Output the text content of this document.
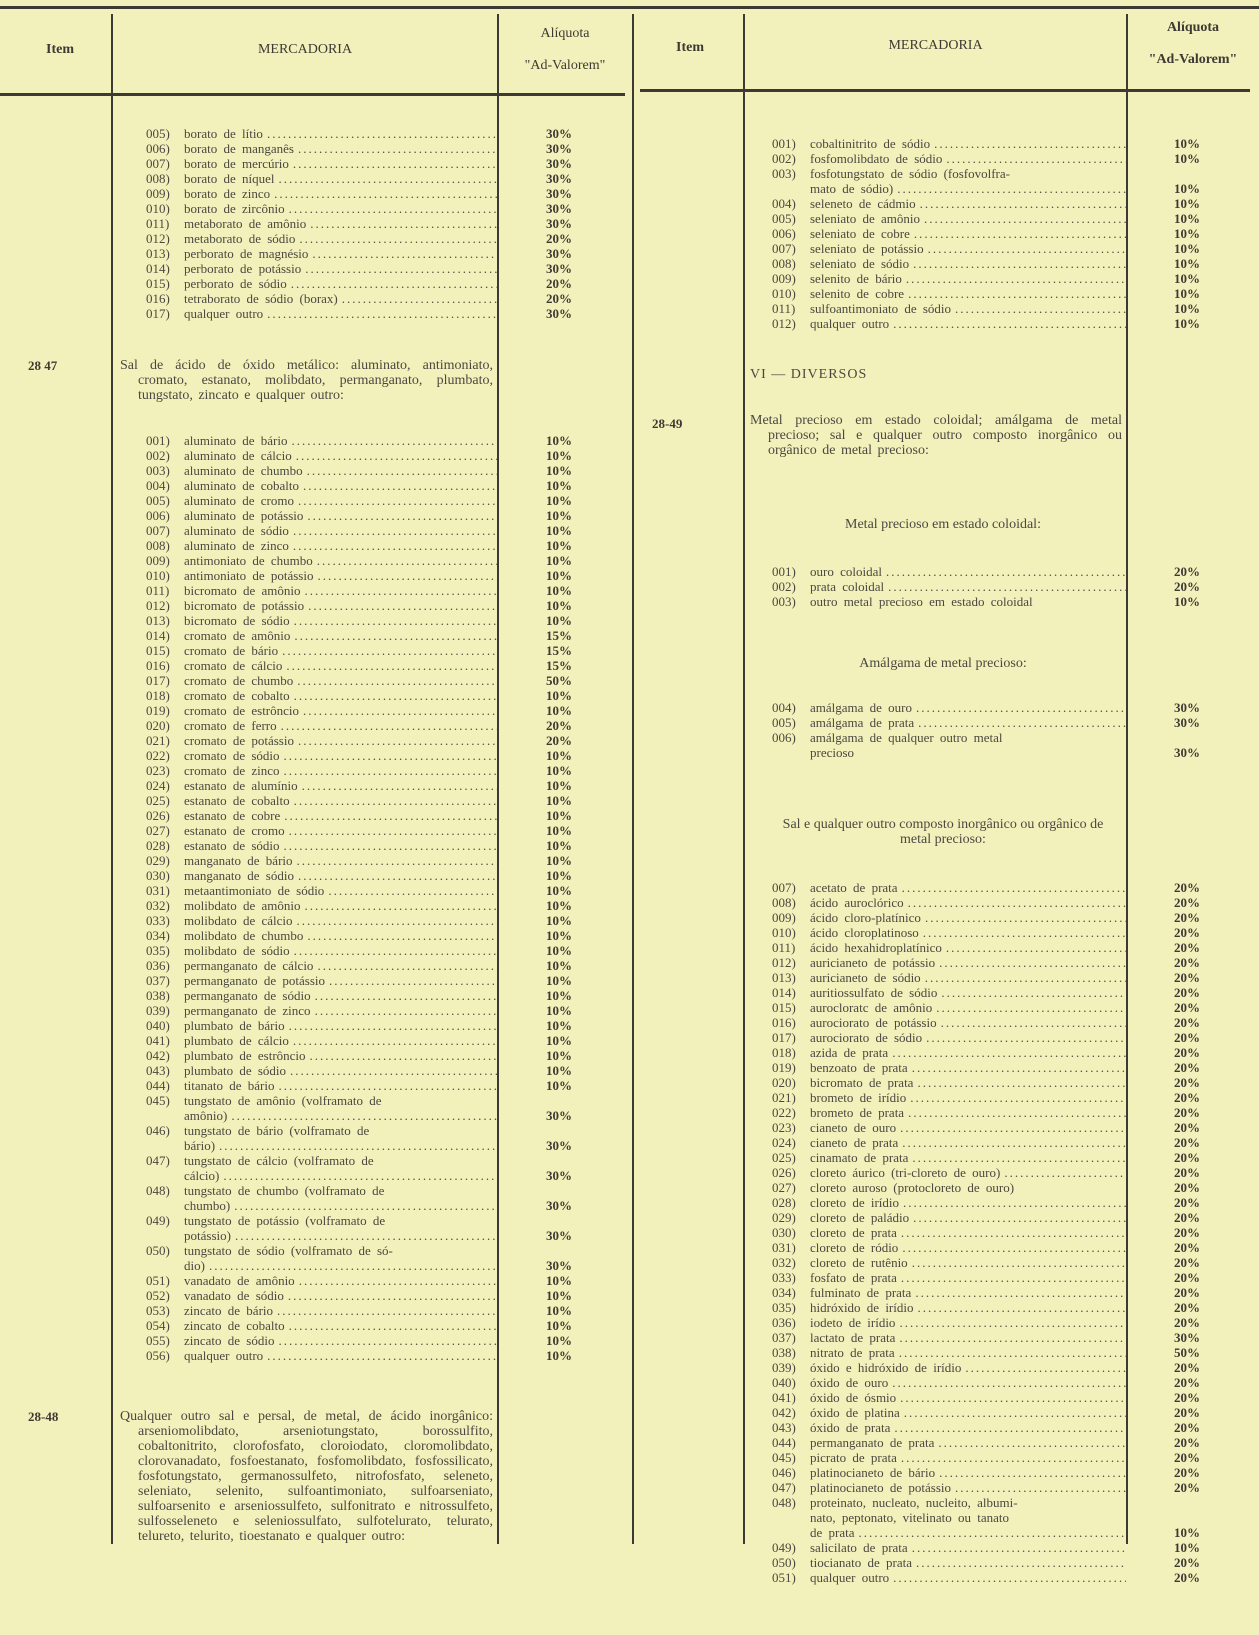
Item	MERCADORIA
Alíquota
"Ad-Valorem"
Item	MERCADORIA
Alíquota
"Ad-Valorem"
005)	borato de lítio .....	30%
006)	borato de manganês .....	30%
007)	borato de mercúrio .....	30%
008)	borato de níquel .....	30%
009)	borato de zinco .....	30%
010)	borato de zircônio .....	30%
011)	metaborato de amônio .....	30%
012)	metaborato de sódio .....	20%
013)	perborato de magnésio .....	30%
014)	perborato de potássio .....	30%
015)	perborato de sódio .....	20%
016)	tetraborato de sódio (borax) .....	20%
017)	qualquer outro .....	30%
28 47	Sal de ácido de óxido metálico: aluminato, antimoniato, cromato, estanato, molibdato, permanganato, plumbato, tungstato, zincato e qualquer outro:
001)	aluminato de bário .....	10%
002)	aluminato de cálcio .....	10%
003)	aluminato de chumbo .....	10%
004)	aluminato de cobalto .....	10%
005)	aluminato de cromo .....	10%
006)	aluminato de potássio .....	10%
007)	aluminato de sódio .....	10%
008)	aluminato de zinco .....	10%
009)	antimoniato de chumbo .....	10%
010)	antimoniato de potássio .....	10%
011)	bicromato de amônio .....	10%
012)	bicromato de potássio .....	10%
013)	bicromato de sódio .....	10%
014)	cromato de amônio .....	15%
015)	cromato de bário .....	15%
016)	cromato de cálcio .....	15%
017)	cromato de chumbo .....	50%
018)	cromato de cobalto .....	10%
019)	cromato de estrôncio .....	10%
020)	cromato de ferro .....	20%
021)	cromato de potássio .....	20%
022)	cromato de sódio .....	10%
023)	cromato de zinco .....	10%
024)	estanato de alumínio .....	10%
025)	estanato de cobalto .....	10%
026)	estanato de cobre .....	10%
027)	estanato de cromo .....	10%
028)	estanato de sódio .....	10%
029)	manganato de bário .....	10%
030)	manganato de sódio .....	10%
031)	metaantimoniato de sódio .....	10%
032)	molibdato de amônio .....	10%
033)	molibdato de cálcio .....	10%
034)	molibdato de chumbo .....	10%
035)	molibdato de sódio .....	10%
036)	permanganato de cálcio .....	10%
037)	permanganato de potássio .....	10%
038)	permanganato de sódio .....	10%
039)	permanganato de zinco .....	10%
040)	plumbato de bário .....	10%
041)	plumbato de cálcio .....	10%
042)	plumbato de estrôncio .....	10%
043)	plumbato de sódio .....	10%
044)	titanato de bário .....	10%
045)	tungstato de amônio (volframato de
amônio) .....	30%
046)	tungstato de bário (volframato de
bário) .....	30%
047)	tungstato de cálcio (volframato de
cálcio) .....	30%
048)	tungstato de chumbo (volframato de
chumbo) .....	30%
049)	tungstato de potássio (volframato de
potássio) .....	30%
050)	tungstato de sódio (volframato de só-
dio) .....	30%
051)	vanadato de amônio .....	10%
052)	vanadato de sódio .....	10%
053)	zincato de bário .....	10%
054)	zincato de cobalto .....	10%
055)	zincato de sódio .....	10%
056)	qualquer outro .....	10%
28-48	Qualquer outro sal e persal, de metal, de ácido inorgânico: arseniomolibdato, arseniotungstato, borossulfito, cobaltonitrito, clorofosfato, cloroiodato, cloromolibdato, clorovanadato, fosfoestanato, fosfomolibdato, fosfossilicato, fosfotungstato, germanossulfeto, nitrofosfato, seleneto, seleniato, selenito, sulfoantimoniato, sulfoarseniato, sulfoarsenito e arseniossulfeto, sulfonitrato e nitrossulfeto, sulfosseleneto e seleniossulfato, sulfotelurato, telurato, telureto, telurito, tioestanato e qualquer outro:
001)	cobaltinitrito de sódio .....	10%
002)	fosfomolibdato de sódio .....	10%
003)	fosfotungstato de sódio (fosfovolfra-
mato de sódio) .....	10%
004)	seleneto de cádmio .....	10%
005)	seleniato de amônio .....	10%
006)	seleniato de cobre .....	10%
007)	seleniato de potássio .....	10%
008)	seleniato de sódio .....	10%
009)	selenito de bário .....	10%
010)	selenito de cobre .....	10%
011)	sulfoantimoniato de sódio .....	10%
012)	qualquer outro .....	10%
VI — DIVERSOS
28-49	Metal precioso em estado coloidal; amálgama de metal precioso; sal e qualquer outro composto inorgânico ou orgânico de metal precioso:
Metal precioso em estado coloidal:
001)	ouro coloidal .....	20%
002)	prata coloidal .....	20%
003)	outro metal precioso em estado coloidal	10%
Amálgama de metal precioso:
004)	amálgama de ouro .....	30%
005)	amálgama de prata .....	30%
006)	amálgama de qualquer outro metal
precioso	30%
Sal e qualquer outro composto inorgânico ou orgânico de metal precioso:
007)	acetato de prata .....	20%
008)	ácido auroclórico .....	20%
009)	ácido cloro-platínico .....	20%
010)	ácido cloroplatinoso .....	20%
011)	ácido hexahidroplatínico .....	20%
012)	auricianeto de potássio .....	20%
013)	auricianeto de sódio .....	20%
014)	auritiossulfato de sódio .....	20%
015)	aurocloratc de amônio .....	20%
016)	aurociorato de potássio .....	20%
017)	aurociorato de sódio .....	20%
018)	azida de prata .....	20%
019)	benzoato de prata .....	20%
020)	bicromato de prata .....	20%
021)	brometo de irídio .....	20%
022)	brometo de prata .....	20%
023)	cianeto de ouro .....	20%
024)	cianeto de prata .....	20%
025)	cinamato de prata .....	20%
026)	cloreto áurico (tri-cloreto de ouro) .....	20%
027)	cloreto auroso (protocloreto de ouro)	20%
028)	cloreto de irídio .....	20%
029)	cloreto de paládio .....	20%
030)	cloreto de prata .....	20%
031)	cloreto de ródio .....	20%
032)	cloreto de rutênio .....	20%
033)	fosfato de prata .....	20%
034)	fulminato de prata .....	20%
035)	hidróxido de irídio .....	20%
036)	iodeto de irídio .....	20%
037)	lactato de prata .....	30%
038)	nitrato de prata .....	50%
039)	óxido e hidróxido de irídio .....	20%
040)	óxido de ouro .....	20%
041)	óxido de ósmio .....	20%
042)	óxido de platina .....	20%
043)	óxido de prata .....	20%
044)	permanganato de prata .....	20%
045)	picrato de prata .....	20%
046)	platinocianeto de bário .....	20%
047)	platinocianeto de potássio .....	20%
048)	proteinato, nucleato, nucleito, albumi-
nato, peptonato, vitelinato ou tanato
de prata .....	10%
049)	salicilato de prata .....	10%
050)	tiocianato de prata .....	20%
051)	qualquer outro .....	20%
